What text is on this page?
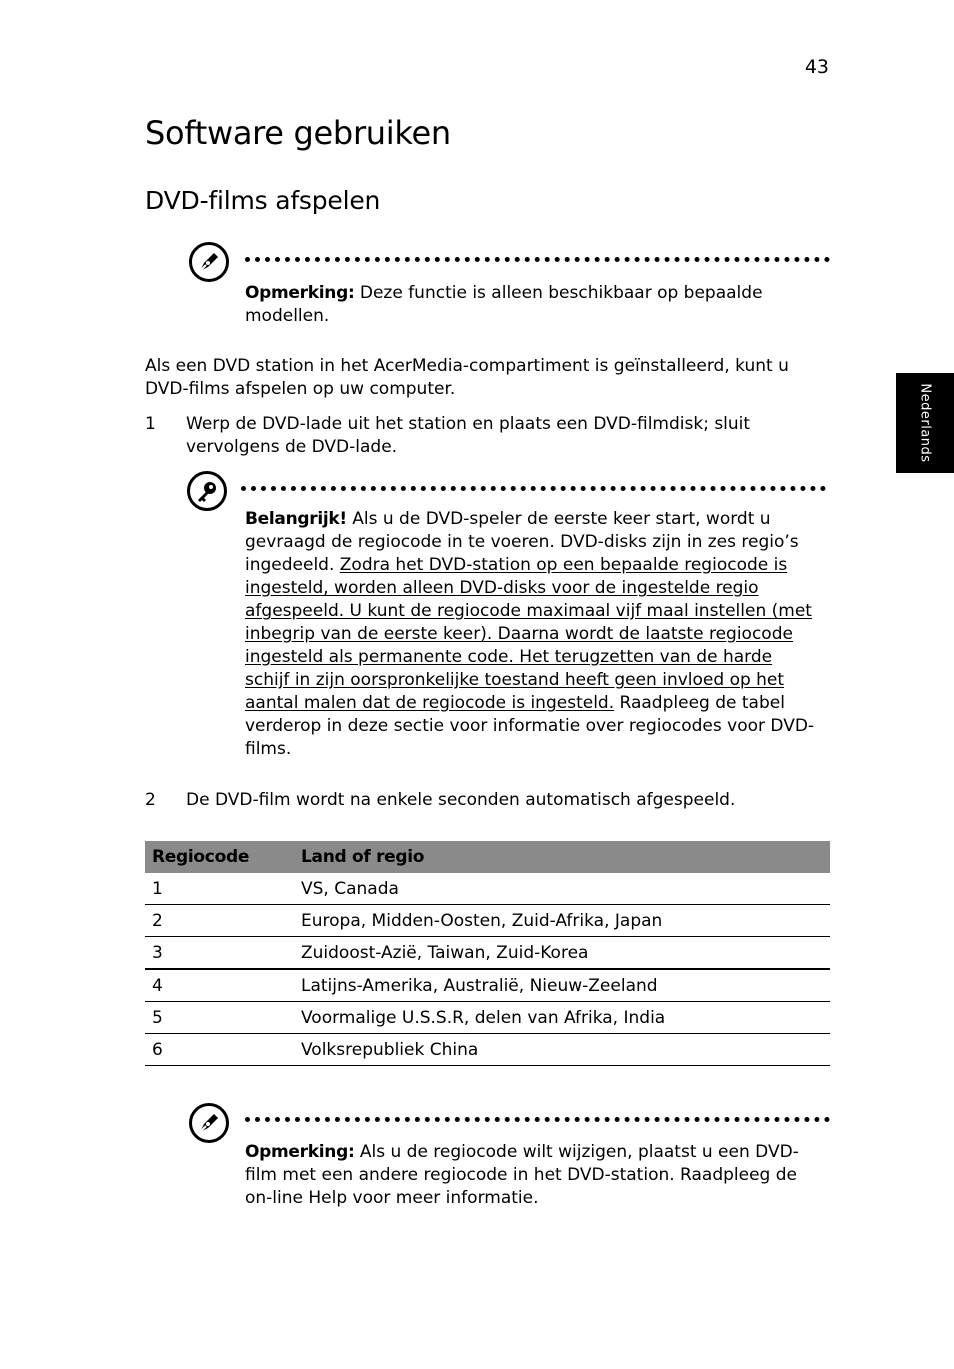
43
Nederlands
Software gebruiken
DVD-films afspelen
Opmerking: Deze functie is alleen beschikbaar op bepaalde modellen.
Als een DVD station in het AcerMedia-compartiment is geïnstalleerd, kunt u DVD-films afspelen op uw computer.
1 Werp de DVD-lade uit het station en plaats een DVD-filmdisk; sluit vervolgens de DVD-lade.
Belangrijk! Als u de DVD-speler de eerste keer start, wordt u gevraagd de regiocode in te voeren. DVD-disks zijn in zes regio’s ingedeeld. Zodra het DVD-station op een bepaalde regiocode is ingesteld, worden alleen DVD-disks voor de ingestelde regio afgespeeld. U kunt de regiocode maximaal vijf maal instellen (met inbegrip van de eerste keer). Daarna wordt de laatste regiocode ingesteld als permanente code. Het terugzetten van de harde schijf in zijn oorspronkelijke toestand heeft geen invloed op het aantal malen dat de regiocode is ingesteld. Raadpleeg de tabel verderop in deze sectie voor informatie over regiocodes voor DVD-films.
2 De DVD-film wordt na enkele seconden automatisch afgespeeld.
Regiocode	Land of regio
1	VS, Canada
2	Europa, Midden-Oosten, Zuid-Afrika, Japan
3	Zuidoost-Azië, Taiwan, Zuid-Korea
4	Latijns-Amerika, Australië, Nieuw-Zeeland
5	Voormalige U.S.S.R, delen van Afrika, India
6	Volksrepubliek China
Opmerking: Als u de regiocode wilt wijzigen, plaatst u een DVD-film met een andere regiocode in het DVD-station. Raadpleeg de on-line Help voor meer informatie.
